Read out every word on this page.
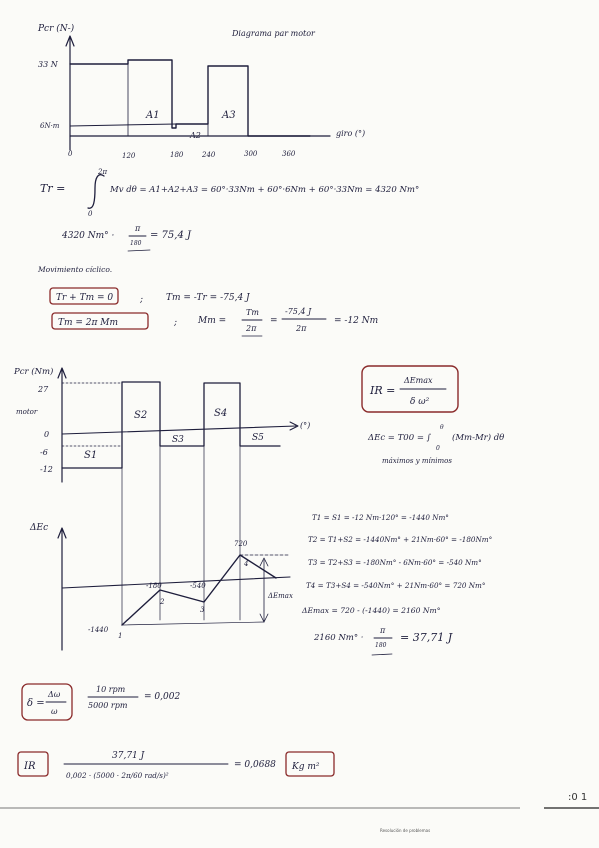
Pcr (N-)	Diagrama par motor
33 N
6N·m
giro (°)
0	120	180	240	300	360
A1
A2
A3
Tr =
2π
0
Mv dθ = A1+A2+A3 = 60°·33Nm + 60°·6Nm + 60°·33Nm = 4320 Nm°
4320 Nm° ·
π
180
= 75,4 J
Movimiento cíclico.
Tr + Tm = 0
Tm = 2π Mm
;	Tm = -Tr = -75,4 J
; Mm =
Tm
2π
=
-75,4 J
2π
= -12 Nm
Pcr (Nm)
motor
27
0
-6
-12
(°)
S1
S2
S3
S4
S5
IR =
ΔEmax
δ ω²
ΔEc = T00 = ∫
θ
0
(Mm-Mr) dθ
máximos y mínimos
ΔEc
-1440
-180	-540
720
1
2
3
4
ΔEmax
T1 = S1 = -12 Nm·120° = -1440 Nm°
T2 = T1+S2 = -1440Nm° + 21Nm·60° = -180Nm°
T3 = T2+S3 = -180Nm° - 6Nm·60° = -540 Nm°
T4 = T3+S4 = -540Nm° + 21Nm·60° = 720 Nm°
ΔEmax = 720 - (-1440) = 2160 Nm°
2160 Nm° ·
π
180
= 37,71 J
δ =
Δω
ω
10 rpm
5000 rpm
= 0,002
IR
37,71 J
0,002 · (5000 · 2π/60 rad/s)²
= 0,0688 Kg m²
:0 1
Resolución de problemas
